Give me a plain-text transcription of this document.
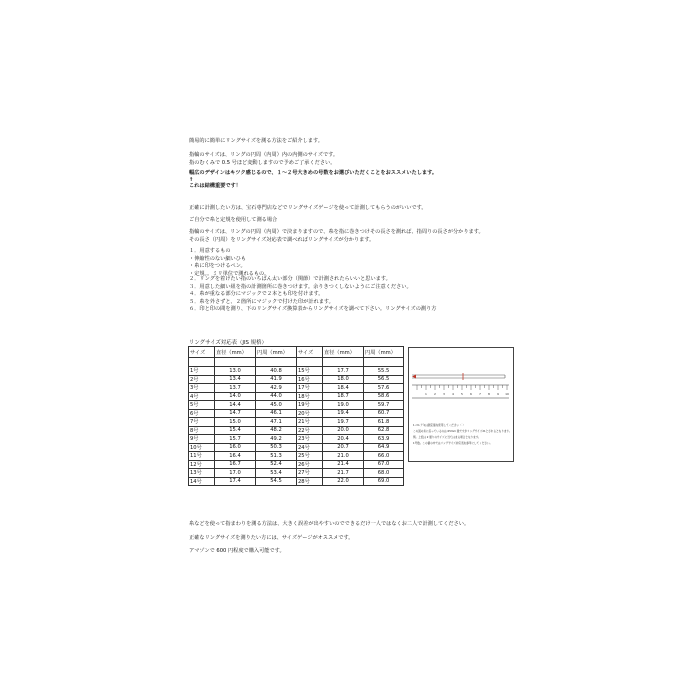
簡易的に簡単にリングサイズを測る方法をご紹介します。
指輪のサイズは、リングの円周（内周）内の内側のサイズです。
指のむくみで 0.5 号ほど変動しますので予めご了承ください。
幅広のデザインはキツク感じるので、１～２号大きめの号数をお選びいただくことをおススメいたします。
↑
これは結構重要です！
正確に計測したい方は、宝石専門店などでリングサイズゲージを使って計測してもらうのがいいです。
ご自分で糸と定規を使用して測る場合
指輪のサイズは、リングの円周（内周）で決まりますので、糸を指に巻きつけその長さを測れば、指周りの長さが分かります。
その長さ（円周）をリングサイズ対応表で調べればリングサイズが分かります。
１．用意するもの
・伸縮性のない細いひも
・糸に印をつけるペン。
・定規。。ミリ単位で測れるもの。
２．リングを着けたい指のいちばん太い部分（関節）で計測されたらいいと思います。
３．用意した細い紐を指の計測箇所に巻きつけます。余りきつくしないようにご注意ください。
４．糸が重なる部分にマジックで２本とも印を付けます。
５．糸を外さずと、２箇所にマジックで付けた印が計れます。
６．印と印の間を測り、下のリングサイズ換算表からリングサイズを調べて下さい。リングサイズの測り方
リングサイズ対応表（JIS 規格）
サイズ	直径（mm）	円周（mm）	サイズ	直径（mm）	円周（mm）

1号	13.0	40.8	15号	17.7	55.5
2号	13.4	41.9	16号	18.0	56.5
3号	13.7	42.9	17号	18.4	57.6
4号	14.0	44.0	18号	18.7	58.6
5号	14.4	45.0	19号	19.0	59.7
6号	14.7	46.1	20号	19.4	60.7
7号	15.0	47.1	21号	19.7	61.8
8号	15.4	48.2	22号	20.0	62.8
9号	15.7	49.2	23号	20.4	63.9
10号	16.0	50.3	24号	20.7	64.9
11号	16.4	51.3	25号	21.0	66.0
12号	16.7	52.4	26号	21.4	67.0
13号	17.0	53.4	27号	21.7	68.0
14号	17.4	54.5	28号	22.0	69.0
1 2 3 4 5 6 7 8 9 10
1 cm アキは測定値を使用してください（ ）
この図の糸に沿っているのは 65mm 強ですがリングサイズ21とされるとなります。
例。上記は 2 通りのサイズに当てはまる場合となります。
1号数。この値の中ではリングサイズ対応表を参考にしてください。
糸などを使って指まわりを測る方法は、大きく誤差が出やすいのでできるだけ一人ではなくお二人で計測してください。
正確なリングサイズを測りたい方には、サイズゲージがオススメです。
アマゾンで 600 円程度で購入可能です。
